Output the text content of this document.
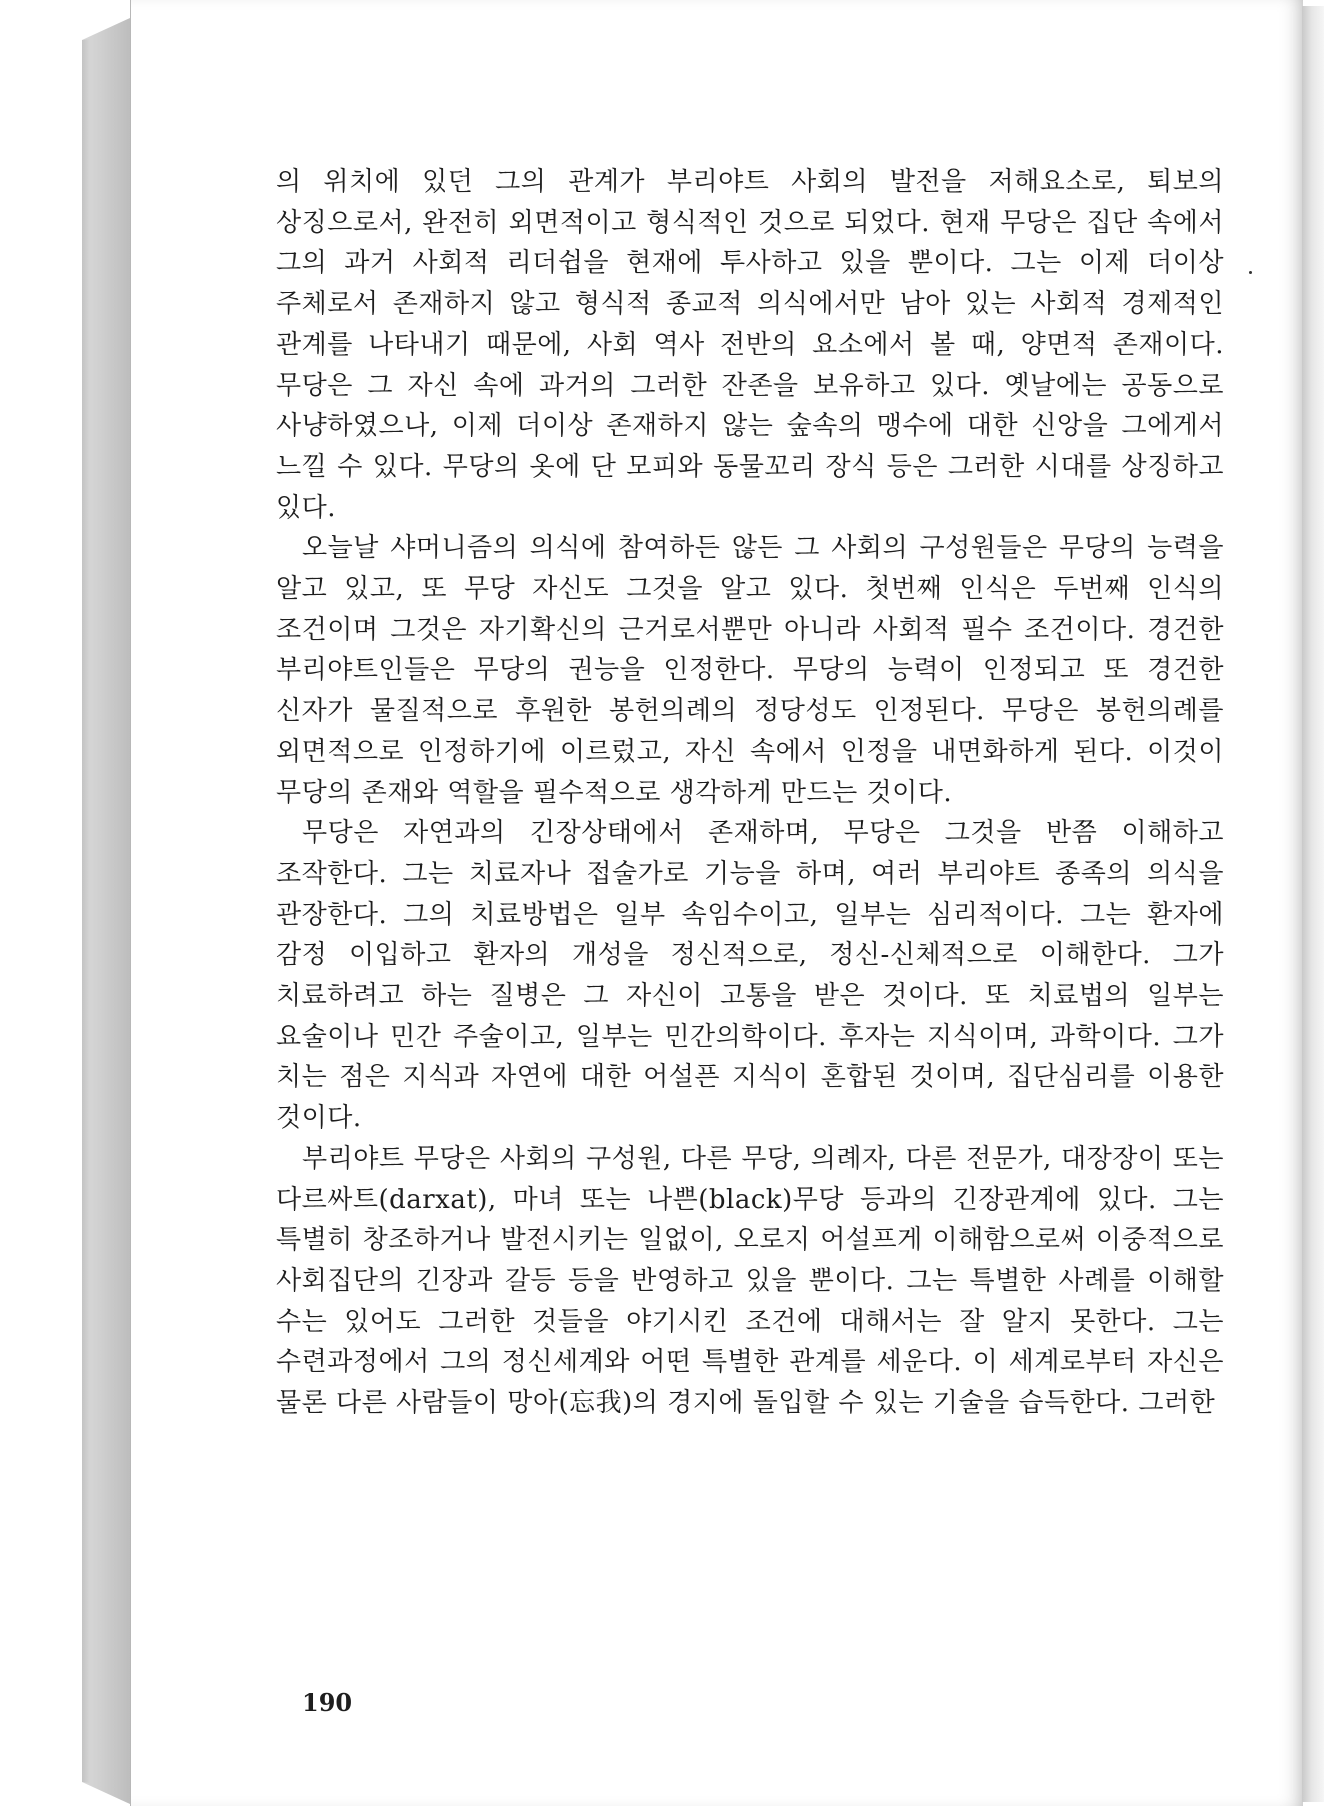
의 위치에 있던 그의 관계가 부리야트 사회의 발전을 저해요소로, 퇴보의 상징으로서, 완전히 외면적이고 형식적인 것으로 되었다. 현재 무당은 집단 속에서 그의 과거 사회적 리더쉽을 현재에 투사하고 있을 뿐이다. 그는 이제 더이상 주체로서 존재하지 않고 형식적 종교적 의식에서만 남아 있는 사회적 경제적인 관계를 나타내기 때문에, 사회 역사 전반의 요소에서 볼 때, 양면적 존재이다. 무당은 그 자신 속에 과거의 그러한 잔존을 보유하고 있다. 옛날에는 공동으로 사냥하였으나, 이제 더이상 존재하지 않는 숲속의 맹수에 대한 신앙을 그에게서 느낄 수 있다. 무당의 옷에 단 모피와 동물꼬리 장식 등은 그러한 시대를 상징하고 있다.

오늘날 샤머니즘의 의식에 참여하든 않든 그 사회의 구성원들은 무당의 능력을 알고 있고, 또 무당 자신도 그것을 알고 있다. 첫번째 인식은 두번째 인식의 조건이며 그것은 자기확신의 근거로서뿐만 아니라 사회적 필수 조건이다. 경건한 부리야트인들은 무당의 권능을 인정한다. 무당의 능력이 인정되고 또 경건한 신자가 물질적으로 후원한 봉헌의례의 정당성도 인정된다. 무당은 봉헌의례를 외면적으로 인정하기에 이르렀고, 자신 속에서 인정을 내면화하게 된다. 이것이 무당의 존재와 역할을 필수적으로 생각하게 만드는 것이다.

무당은 자연과의 긴장상태에서 존재하며, 무당은 그것을 반쯤 이해하고 조작한다. 그는 치료자나 접술가로 기능을 하며, 여러 부리야트 종족의 의식을 관장한다. 그의 치료방법은 일부 속임수이고, 일부는 심리적이다. 그는 환자에 감정 이입하고 환자의 개성을 정신적으로, 정신-신체적으로 이해한다. 그가 치료하려고 하는 질병은 그 자신이 고통을 받은 것이다. 또 치료법의 일부는 요술이나 민간 주술이고, 일부는 민간의학이다. 후자는 지식이며, 과학이다. 그가 치는 점은 지식과 자연에 대한 어설픈 지식이 혼합된 것이며, 집단심리를 이용한 것이다.

부리야트 무당은 사회의 구성원, 다른 무당, 의례자, 다른 전문가, 대장장이 또는 다르싸트(darxat), 마녀 또는 나쁜(black)무당 등과의 긴장관계에 있다. 그는 특별히 창조하거나 발전시키는 일없이, 오로지 어설프게 이해함으로써 이중적으로 사회집단의 긴장과 갈등 등을 반영하고 있을 뿐이다. 그는 특별한 사례를 이해할 수는 있어도 그러한 것들을 야기시킨 조건에 대해서는 잘 알지 못한다. 그는 수련과정에서 그의 정신세계와 어떤 특별한 관계를 세운다. 이 세계로부터 자신은 물론 다른 사람들이 망아(忘我)의 경지에 돌입할 수 있는 기술을 습득한다. 그러한

190
